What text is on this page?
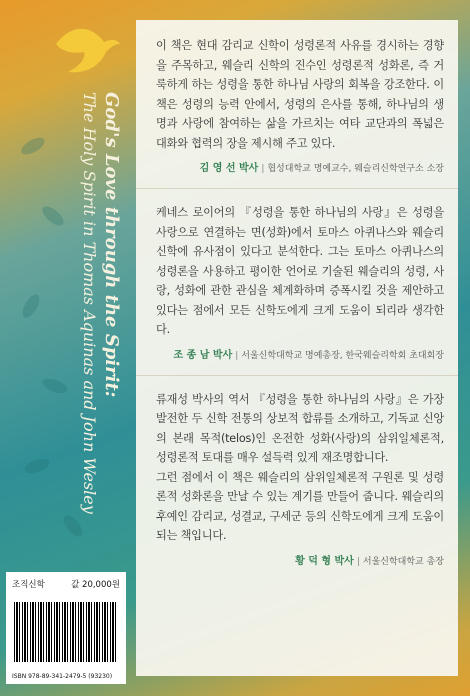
God's Love through the Spirit:
The Holy Spirit in Thomas Aquinas and John Wesley

이 책은 현대 감리교 신학이 성령론적 사유를 경시하는 경향을 주목하고, 웨슬리 신학의 진수인 성령론적 성화론, 즉 거룩하게 하는 성령을 통한 하나님 사랑의 회복을 강조한다. 이 책은 성령의 능력 안에서, 성령의 은사를 통해, 하나님의 생명과 사랑에 참여하는 삶을 가르치는 여타 교단과의 폭넓은 대화와 협력의 장을 제시해 주고 있다.

김 영 선 박사 | 협성대학교 명예교수, 웨슬리신학연구소 소장

케네스 로이어의 『성령을 통한 하나님의 사랑』은 성령을 사랑으로 연결하는 면(성화)에서 토마스 아퀴나스와 웨슬리 신학에 유사점이 있다고 분석한다. 그는 토마스 아퀴나스의 성령론을 사용하고 평이한 언어로 기술된 웨슬리의 성령, 사랑, 성화에 관한 관심을 체계화하며 증폭시킬 것을 제안하고 있다는 점에서 모든 신학도에게 크게 도움이 되리라 생각한다.

조 종 남 박사 | 서울신학대학교 명예총장, 한국웨슬리학회 초대회장

류재성 박사의 역서 『성령을 통한 하나님의 사랑』은 가장 발전한 두 신학 전통의 상보적 합류를 소개하고, 기독교 신앙의 본래 목적(telos)인 온전한 성화(사랑)의 삼위일체론적, 성령론적 토대를 매우 설득력 있게 재조명합니다.

그런 점에서 이 책은 웨슬리의 삼위일체론적 구원론 및 성령론적 성화론을 만날 수 있는 계기를 만들어 줍니다. 웨슬리의 후예인 감리교, 성결교, 구세군 등의 신학도에게 크게 도움이 되는 책입니다.

황 덕 형 박사 | 서울신학대학교 총장
조직신학	값 20,000원
ISBN 978-89-341-2479-5 (93230)
